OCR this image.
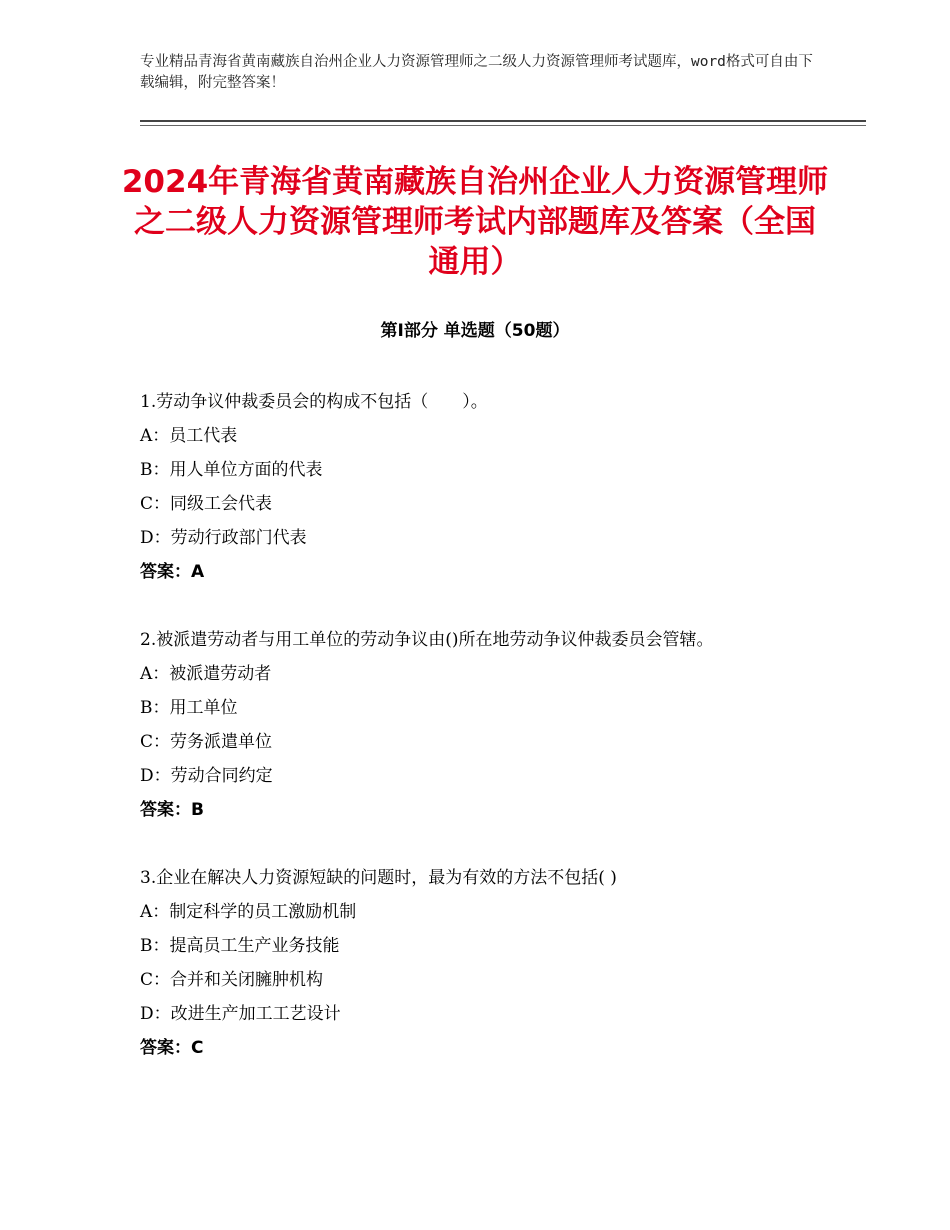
专业精品青海省黄南藏族自治州企业人力资源管理师之二级人力资源管理师考试题库，word格式可自由下载编辑，附完整答案！
2024年青海省黄南藏族自治州企业人力资源管理师之二级人力资源管理师考试内部题库及答案（全国通用）
第Ⅰ部分 单选题（50题）

1.劳动争议仲裁委员会的构成不包括（　　）。

A：员工代表

B：用人单位方面的代表

C：同级工会代表

D：劳动行政部门代表

答案：A

2.被派遣劳动者与用工单位的劳动争议由()所在地劳动争议仲裁委员会管辖。

A：被派遣劳动者

B：用工单位

C：劳务派遣单位

D：劳动合同约定

答案：B

3.企业在解决人力资源短缺的问题时，最为有效的方法不包括( )

A：制定科学的员工激励机制

B：提高员工生产业务技能

C：合并和关闭臃肿机构

D：改进生产加工工艺设计

答案：C
